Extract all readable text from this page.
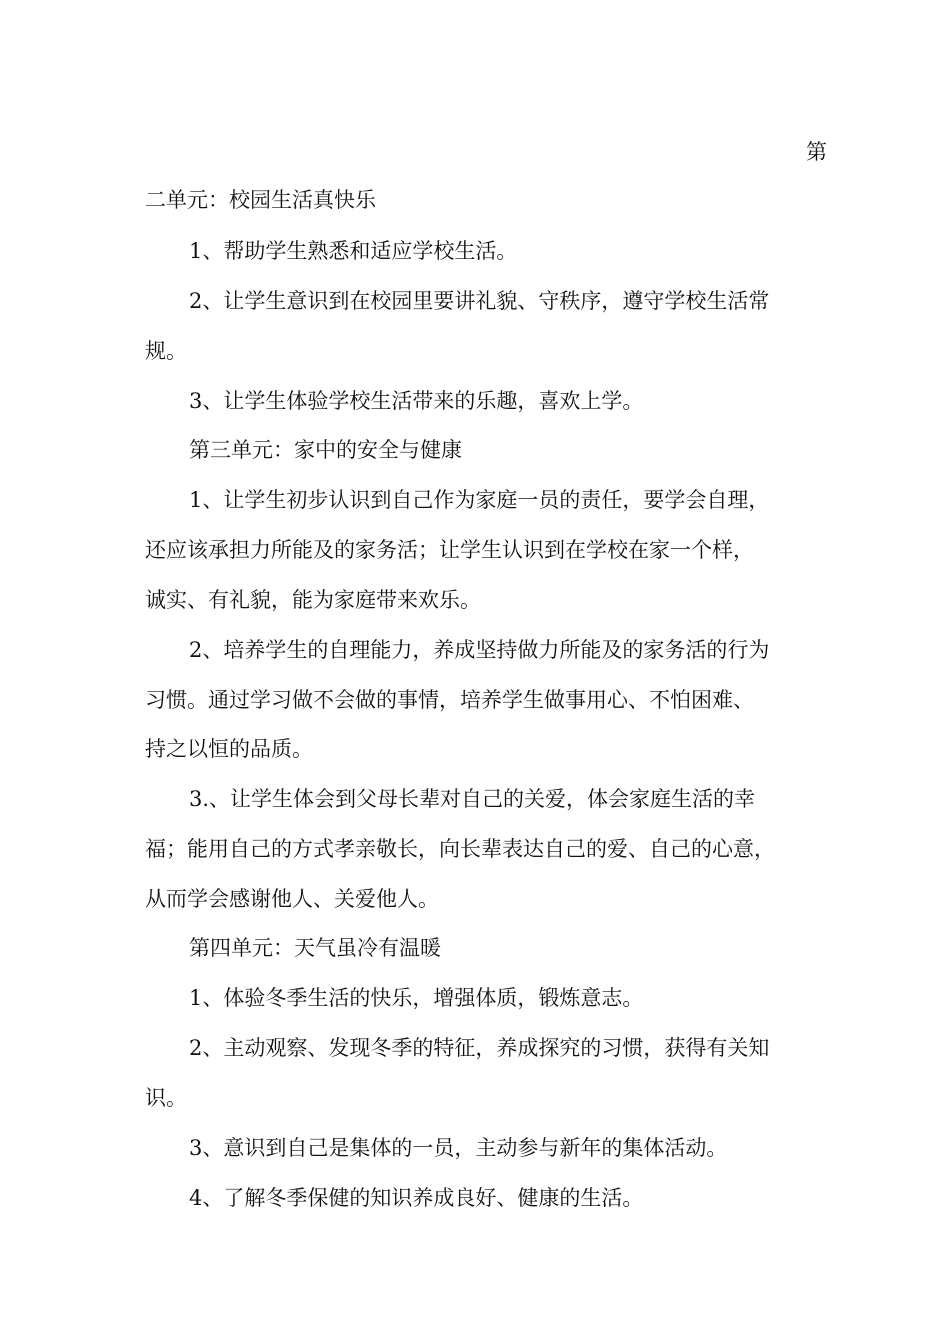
第
二单元：校园生活真快乐
1、帮助学生熟悉和适应学校生活。
2、让学生意识到在校园里要讲礼貌、守秩序，遵守学校生活常
规。
3、让学生体验学校生活带来的乐趣，喜欢上学。
第三单元：家中的安全与健康
1、让学生初步认识到自己作为家庭一员的责任，要学会自理，
还应该承担力所能及的家务活；让学生认识到在学校在家一个样，
诚实、有礼貌，能为家庭带来欢乐。
2、培养学生的自理能力，养成坚持做力所能及的家务活的行为
习惯。通过学习做不会做的事情，培养学生做事用心、不怕困难、
持之以恒的品质。
3.、让学生体会到父母长辈对自己的关爱，体会家庭生活的幸
福；能用自己的方式孝亲敬长，向长辈表达自己的爱、自己的心意，
从而学会感谢他人、关爱他人。
第四单元：天气虽冷有温暖
1、体验冬季生活的快乐，增强体质，锻炼意志。
2、主动观察、发现冬季的特征，养成探究的习惯，获得有关知
识。
3、意识到自己是集体的一员，主动参与新年的集体活动。
4、了解冬季保健的知识养成良好、健康的生活。
